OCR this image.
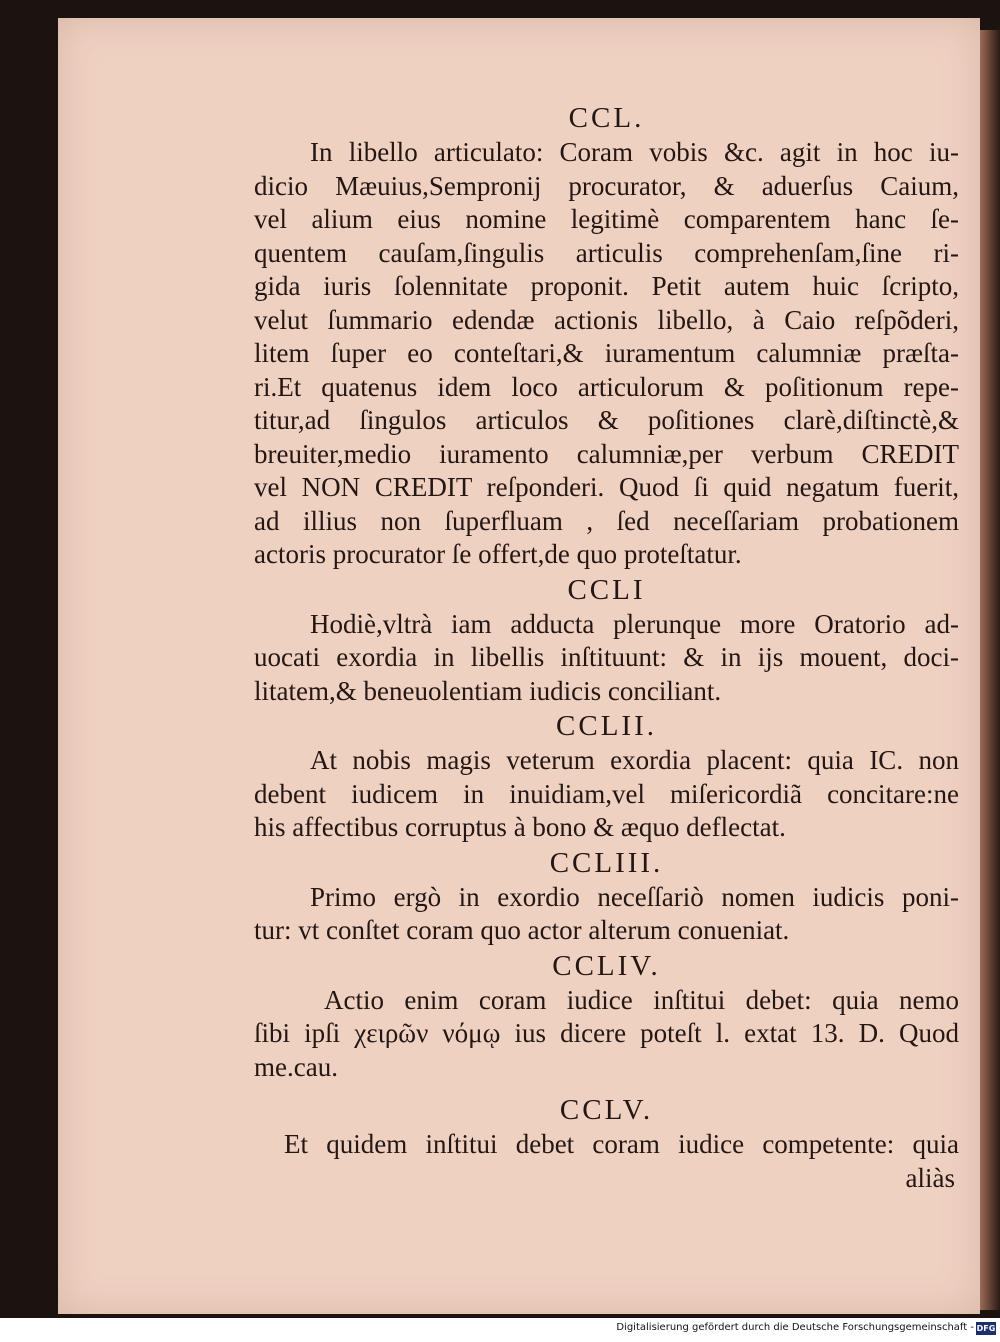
CCL.
In libello articulato: Coram vobis &c. agit in hoc iu-
dicio Mæuius,Sempronij procurator, & aduerſus Caium,
vel alium eius nomine legitimè comparentem hanc ſe-
quentem cauſam,ſingulis articulis comprehenſam,ſine ri-
gida iuris ſolennitate proponit. Petit autem huic ſcripto,
velut ſummario edendæ actionis libello, à Caio reſpõderi,
litem ſuper eo conteſtari,& iuramentum calumniæ præſta-
ri.Et quatenus idem loco articulorum & poſitionum repe-
titur,ad ſingulos articulos & poſitiones clarè,diſtinctè,&
breuiter,medio iuramento calumniæ,per verbum CREDIT
vel NON CREDIT reſponderi. Quod ſi quid negatum fuerit,
ad illius non ſuperfluam , ſed neceſſariam probationem
actoris procurator ſe offert,de quo proteſtatur.
CCLI
Hodiè,vltrà iam adducta plerunque more Oratorio ad-
uocati exordia in libellis inſtituunt: & in ijs mouent, doci-
litatem,& beneuolentiam iudicis conciliant.
CCLII.
At nobis magis veterum exordia placent: quia IC. non
debent iudicem in inuidiam,vel miſericordiã concitare:ne
his affectibus corruptus à bono & æquo deflectat.
CCLIII.
Primo ergò in exordio neceſſariò nomen iudicis poni-
tur: vt conſtet coram quo actor alterum conueniat.
CCLIV.
Actio enim coram iudice inſtitui debet: quia nemo
ſibi ipſi χειρῶν νόμῳ ius dicere poteſt l. extat 13. D. Quod
me.cau.
CCLV.
Et quidem inſtitui debet coram iudice competente: quia
aliàs
Digitalisierung gefördert durch die Deutsche Forschungsgemeinschaft - DFG
